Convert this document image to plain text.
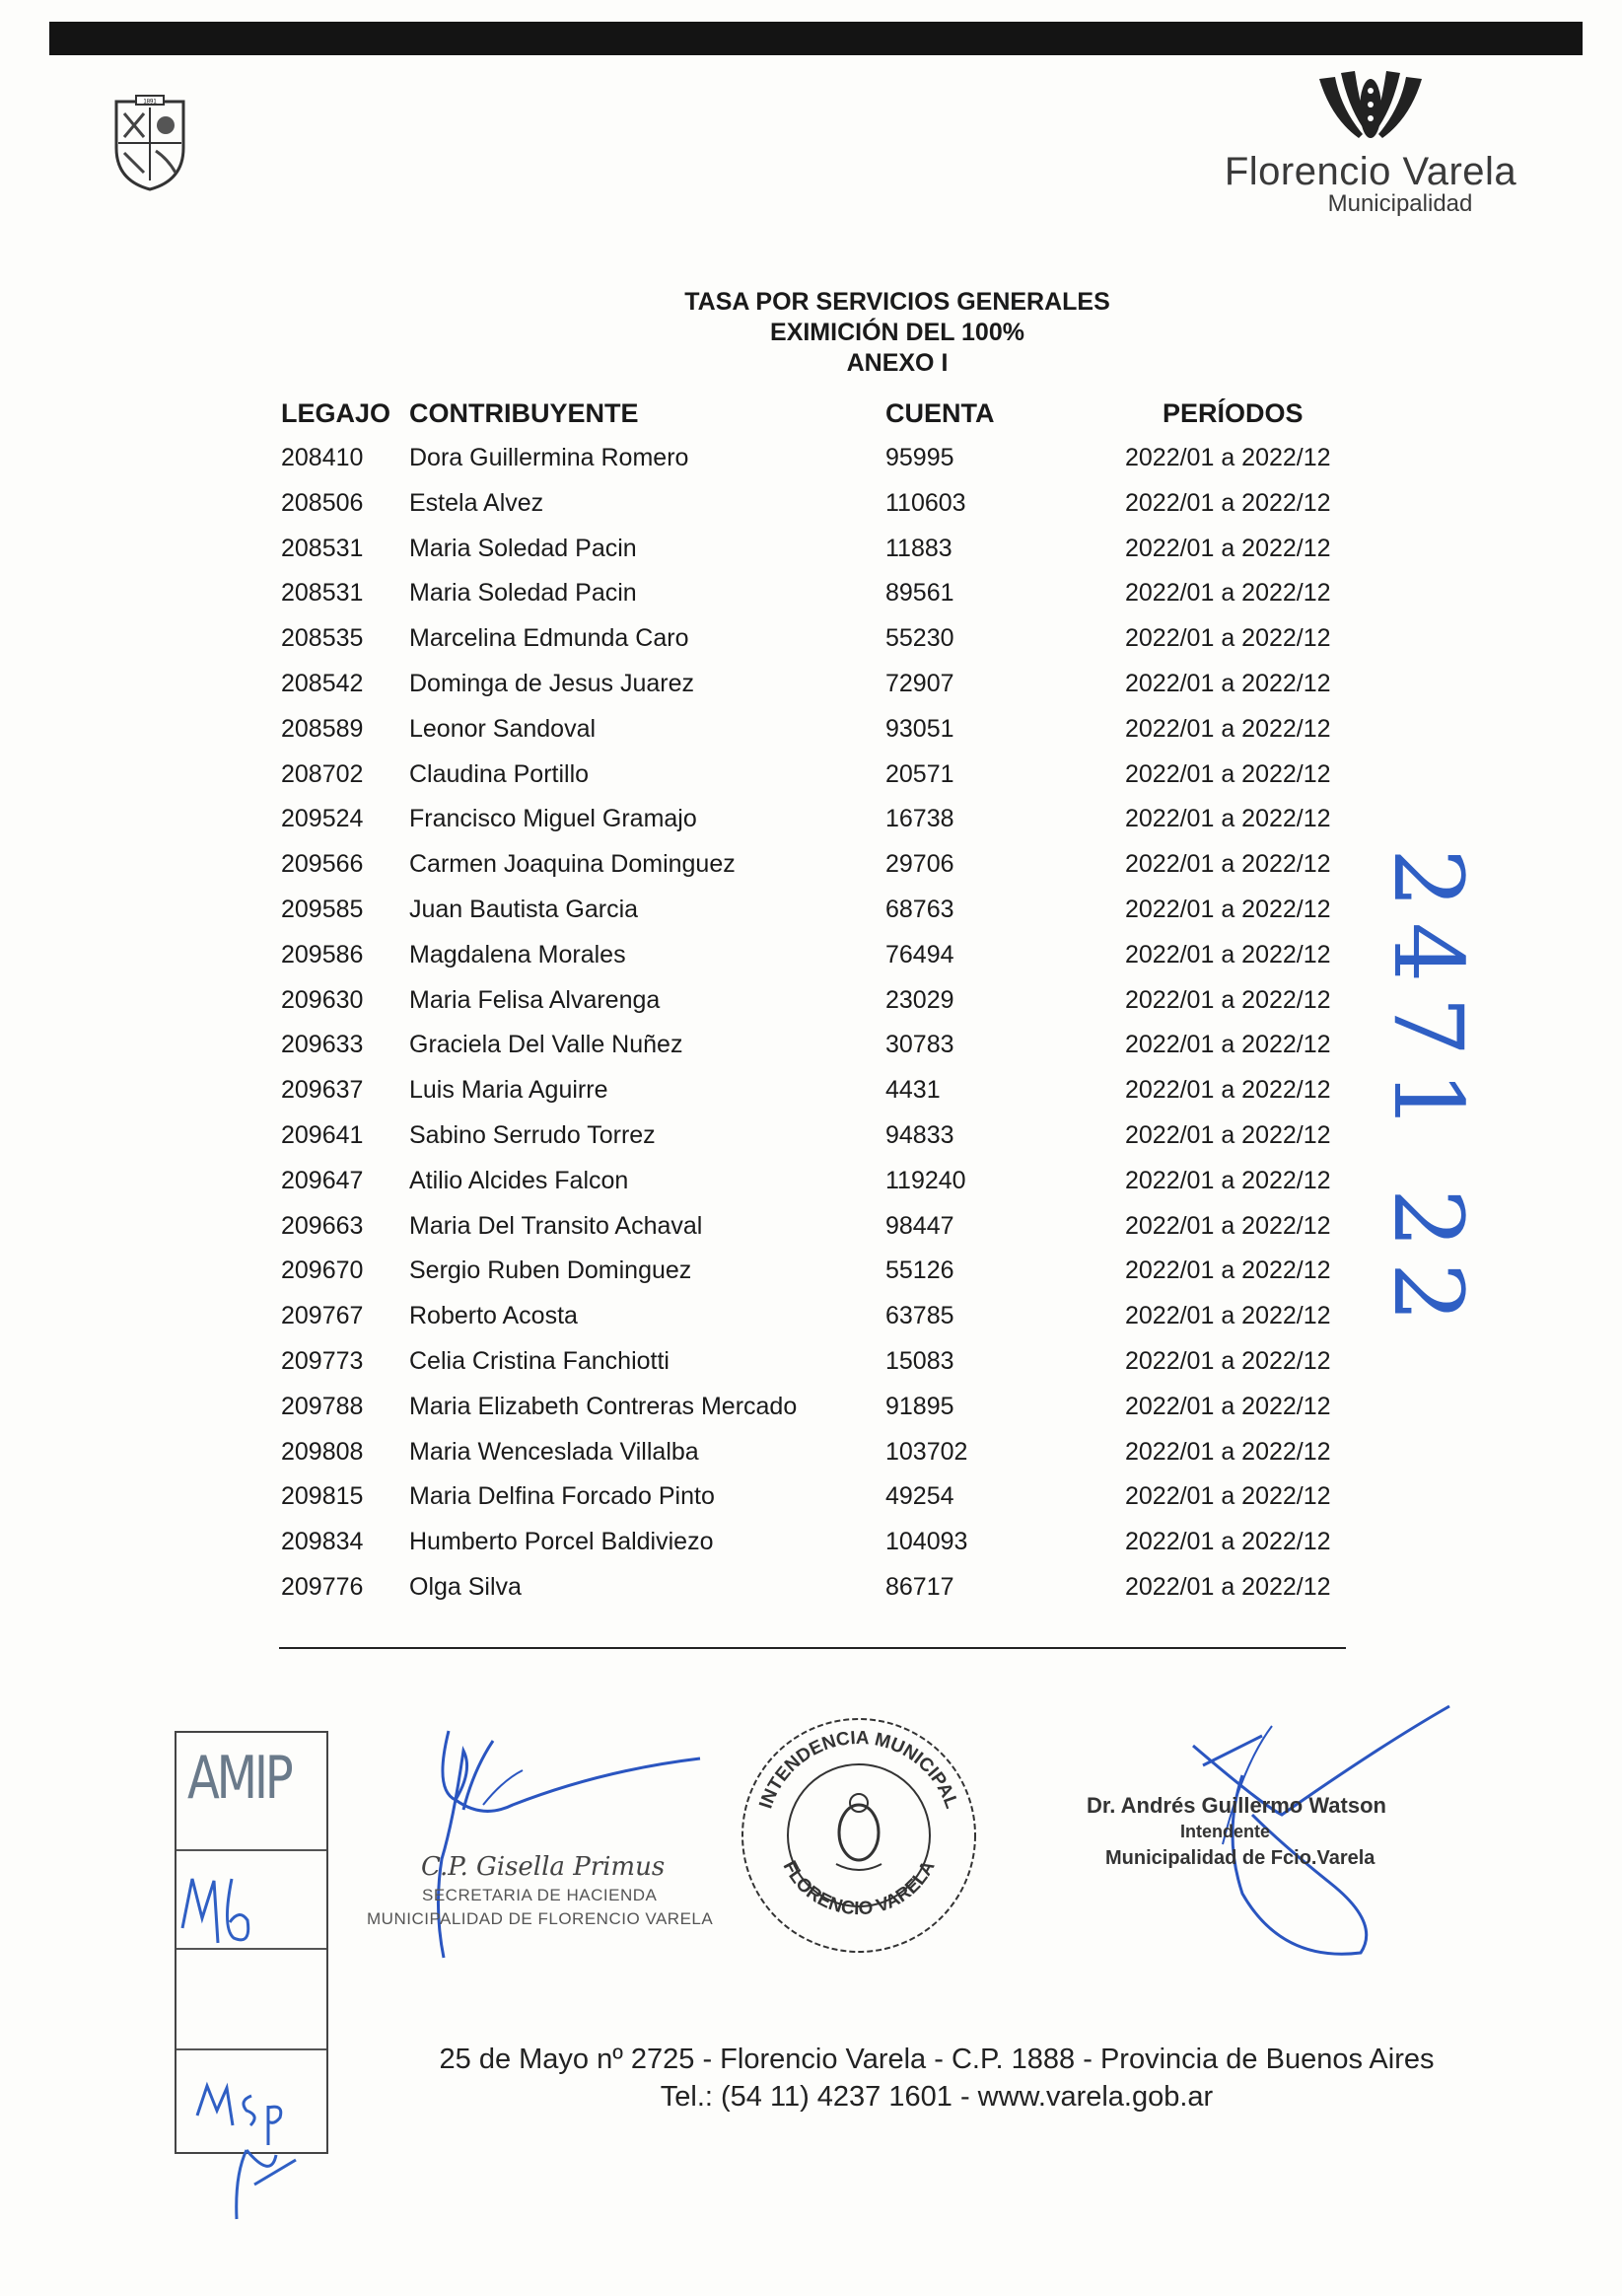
1891
Florencio Varela
Municipalidad
TASA POR SERVICIOS GENERALES
EXIMICIÓN DEL 100%
ANEXO I
LEGAJO CONTRIBUYENTE	CUENTA	PERÍODOS
208410 Dora Guillermina Romero	95995	2022/01 a 2022/12
208506 Estela Alvez	110603	2022/01 a 2022/12
208531 Maria Soledad Pacin	11883	2022/01 a 2022/12
208531 Maria Soledad Pacin	89561	2022/01 a 2022/12
208535 Marcelina Edmunda Caro	55230	2022/01 a 2022/12
208542 Dominga de Jesus Juarez	72907	2022/01 a 2022/12
208589 Leonor Sandoval	93051	2022/01 a 2022/12
208702 Claudina Portillo	20571	2022/01 a 2022/12
209524 Francisco Miguel Gramajo	16738	2022/01 a 2022/12
209566 Carmen Joaquina Dominguez	29706	2022/01 a 2022/12
209585 Juan Bautista Garcia	68763	2022/01 a 2022/12
209586 Magdalena Morales	76494	2022/01 a 2022/12
209630 Maria Felisa Alvarenga	23029	2022/01 a 2022/12
209633 Graciela Del Valle Nuñez	30783	2022/01 a 2022/12
209637 Luis Maria Aguirre	4431	2022/01 a 2022/12
209641 Sabino Serrudo Torrez	94833	2022/01 a 2022/12
209647 Atilio Alcides Falcon	119240	2022/01 a 2022/12
209663 Maria Del Transito Achaval	98447	2022/01 a 2022/12
209670 Sergio Ruben Dominguez	55126	2022/01 a 2022/12
209767 Roberto Acosta	63785	2022/01 a 2022/12
209773 Celia Cristina Fanchiotti	15083	2022/01 a 2022/12
209788 Maria Elizabeth Contreras Mercado	91895	2022/01 a 2022/12
209808 Maria Wenceslada Villalba	103702	2022/01 a 2022/12
209815 Maria Delfina Forcado Pinto	49254	2022/01 a 2022/12
209834 Humberto Porcel Baldiviezo	104093	2022/01 a 2022/12
209776 Olga Silva	86717	2022/01 a 2022/12
2471 22
AMIP
C.P. Gisella Primus
SECRETARIA DE HACIENDA
MUNICIPALIDAD DE FLORENCIO VARELA
INTENDENCIA MUNICIPAL
FLORENCIO VARELA
Dr. Andrés Guillermo Watson
Intendente
Municipalidad de Fcio.Varela
25 de Mayo nº 2725 - Florencio Varela - C.P. 1888 - Provincia de Buenos Aires
Tel.: (54 11) 4237 1601 - www.varela.gob.ar
